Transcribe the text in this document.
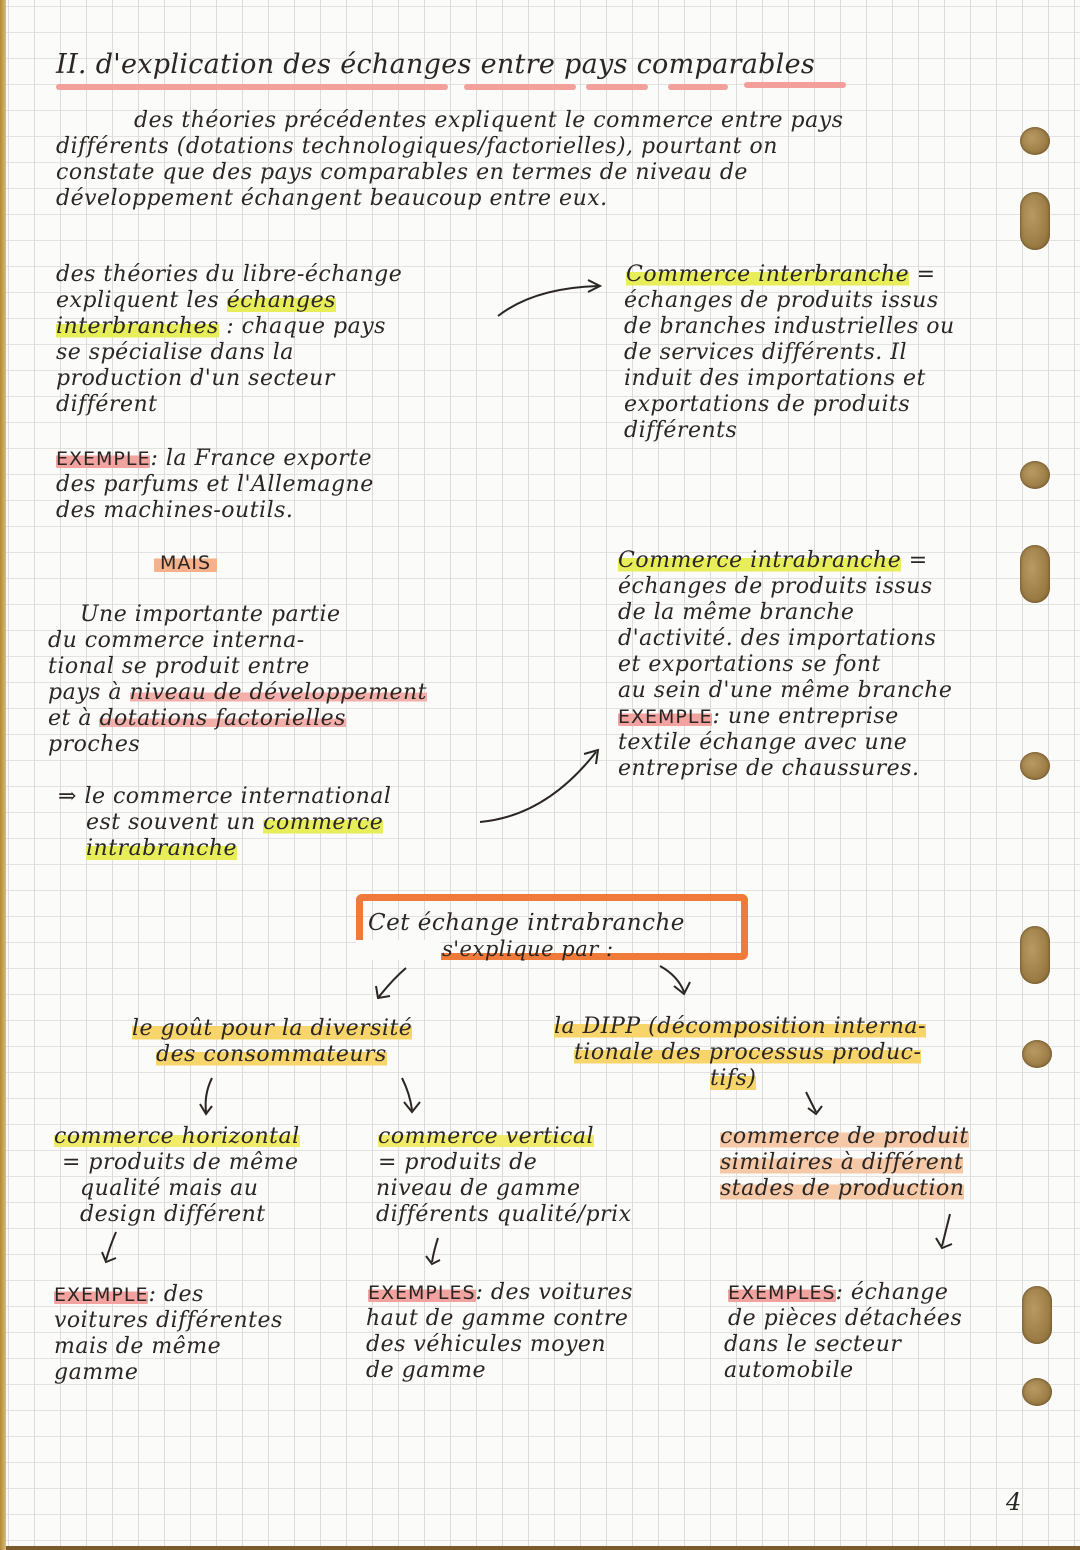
II. d'explication des échanges entre pays comparables
des théories précédentes expliquent le commerce entre pays
différents (dotations technologiques/factorielles), pourtant on
constate que des pays comparables en termes de niveau de
développement échangent beaucoup entre eux.
des théories du libre-échange
expliquent les échanges
interbranches : chaque pays
se spécialise dans la
production d'un secteur
différent
EXEMPLE: la France exporte
des parfums et l'Allemagne
des machines-outils.
Commerce interbranche =
échanges de produits issus
de branches industrielles ou
de services différents. Il
induit des importations et
exportations de produits
différents
MAIS
Une importante partie
du commerce interna-
tional se produit entre
pays à niveau de développement
et à dotations factorielles
proches
⇒ le commerce international
est souvent un commerce
intrabranche
Commerce intrabranche =
échanges de produits issus
de la même branche
d'activité. des importations
et exportations se font
au sein d'une même branche
EXEMPLE: une entreprise
textile échange avec une
entreprise de chaussures.
Cet échange intrabranche
s'explique par :
le goût pour la diversité
des consommateurs
la DIPP (décomposition interna-
tionale des processus produc-
tifs)
commerce horizontal
= produits de même
qualité mais au
design différent
commerce vertical
= produits de
niveau de gamme
différents qualité/prix
commerce de produit
similaires à différent
stades de production
EXEMPLE: des
voitures différentes
mais de même
gamme
EXEMPLES: des voitures
haut de gamme contre
des véhicules moyen
de gamme
EXEMPLES: échange
de pièces détachées
dans le secteur
automobile
4
